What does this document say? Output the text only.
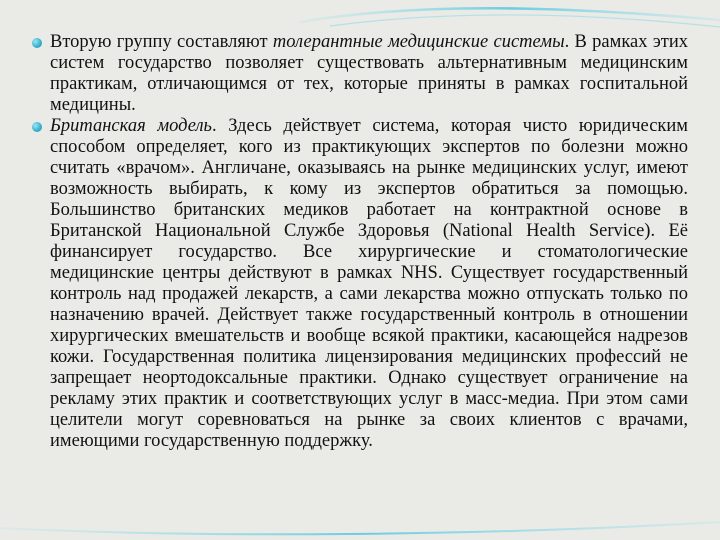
Вторую группу составляют толерантные медицинские системы. В рамках этих систем государство позволяет существовать альтернативным медицинским практикам, отличающимся от тех, которые приняты в рамках госпитальной медицины.
Британская модель. Здесь действует система, которая чисто юридическим способом определяет, кого из практикующих экспертов по болезни можно считать «врачом». Англичане, оказываясь на рынке медицинских услуг, имеют возможность выбирать, к кому из экспертов обратиться за помощью. Большинство британских медиков работает на контрактной основе в Британской Национальной Службе Здоровья (National Health Service). Её финансирует государство. Все хирургические и стоматологические медицинские центры действуют в рамках NHS. Существует государственный контроль над продажей лекарств, а сами лекарства можно отпускать только по назначению врачей. Действует также государственный контроль в отношении хирургических вмешательств и вообще всякой практики, касающейся надрезов кожи. Государственная политика лицензирования медицинских профессий не запрещает неортодоксальные практики. Однако существует ограничение на рекламу этих практик и соответствующих услуг в масс-медиа. При этом сами целители могут соревноваться на рынке за своих клиентов с врачами, имеющими государственную поддержку.
